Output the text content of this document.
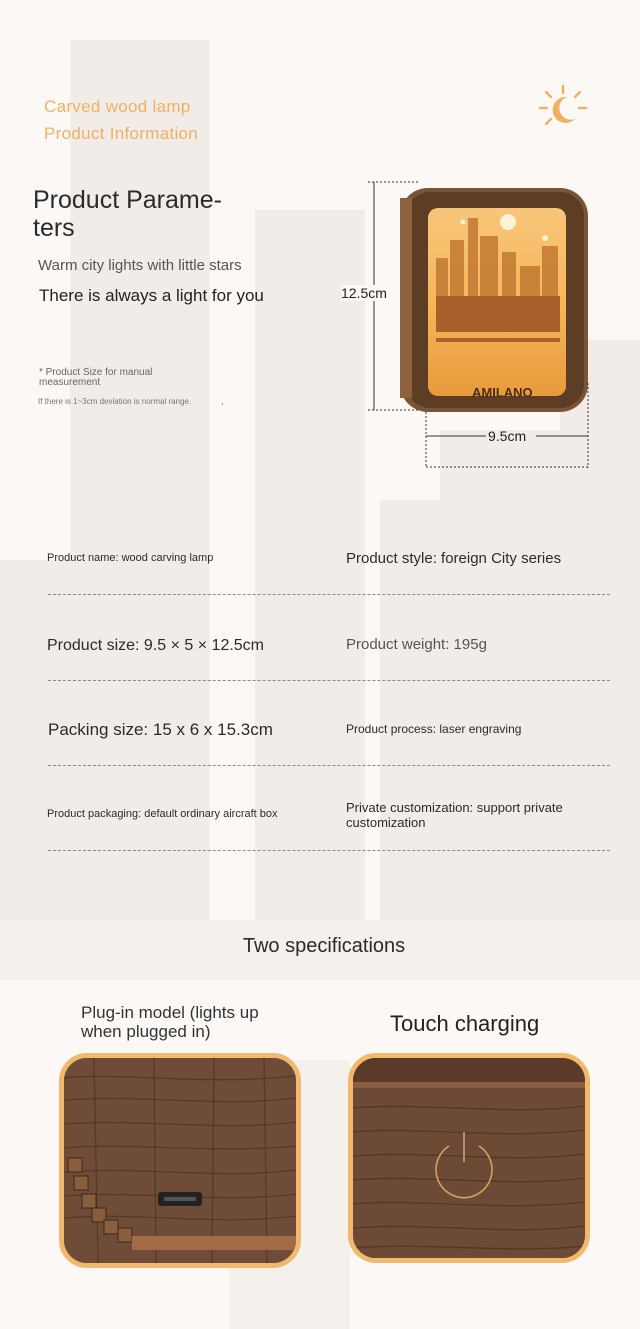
Carved wood lamp
Product Information
Product Parame-
ters
Warm city lights with little stars
There is always a light for you
* Product Size for manual
measurement
If there is 1~3cm deviation is normal range.	,
AMILANO
12.5cm
9.5cm
Product name: wood carving lamp	Product style: foreign City series
Product size: 9.5 × 5 × 12.5cm	Product weight: 195g
Packing size: 15 x 6 x 15.3cm	Product process: laser engraving
Product packaging: default ordinary aircraft box	Private customization: support private customization
Two specifications
Plug-in model (lights up
when plugged in)	Touch charging
